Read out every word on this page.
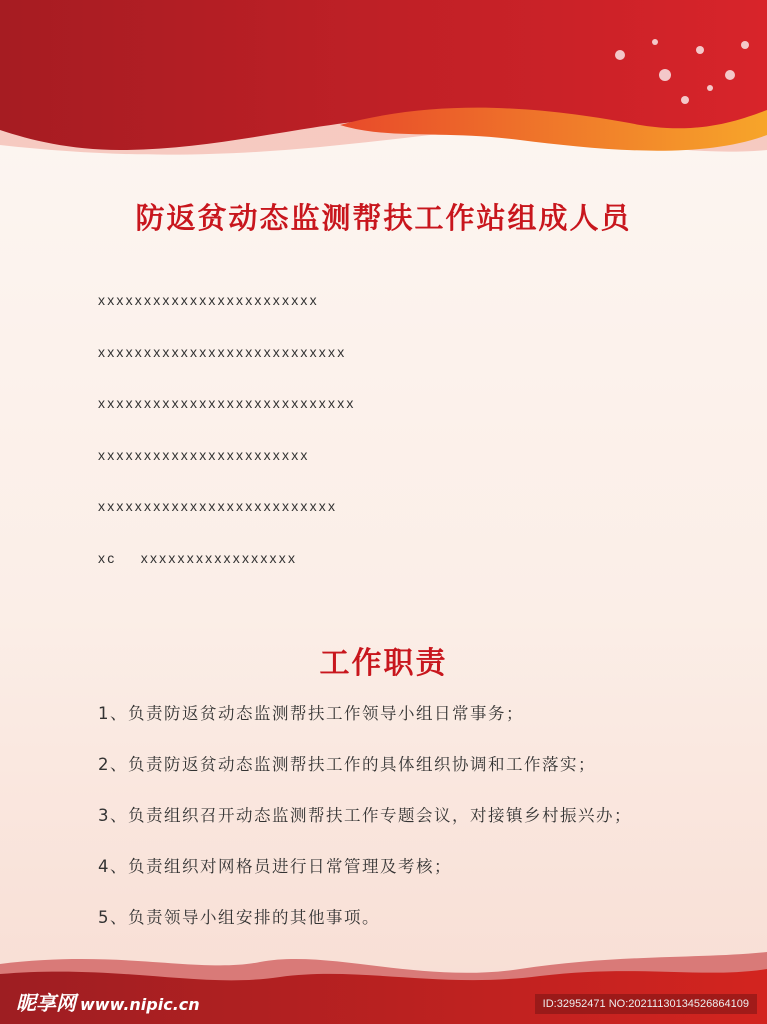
防返贫动态监测帮扶工作站组成人员
xxxxxxxxxxxxxxxxxxxxxxxx
xxxxxxxxxxxxxxxxxxxxxxxxxxx
xxxxxxxxxxxxxxxxxxxxxxxxxxxx
xxxxxxxxxxxxxxxxxxxxxxx
xxxxxxxxxxxxxxxxxxxxxxxxxx
xc    xxxxxxxxxxxxxxxxx
工作职责
1、负责防返贫动态监测帮扶工作领导小组日常事务；
2、负责防返贫动态监测帮扶工作的具体组织协调和工作落实；
3、负责组织召开动态监测帮扶工作专题会议，对接镇乡村振兴办；
4、负责组织对网格员进行日常管理及考核；
5、负责领导小组安排的其他事项。
昵享网 www.nipic.cn	ID:32952471 NO:20211130134526864109
